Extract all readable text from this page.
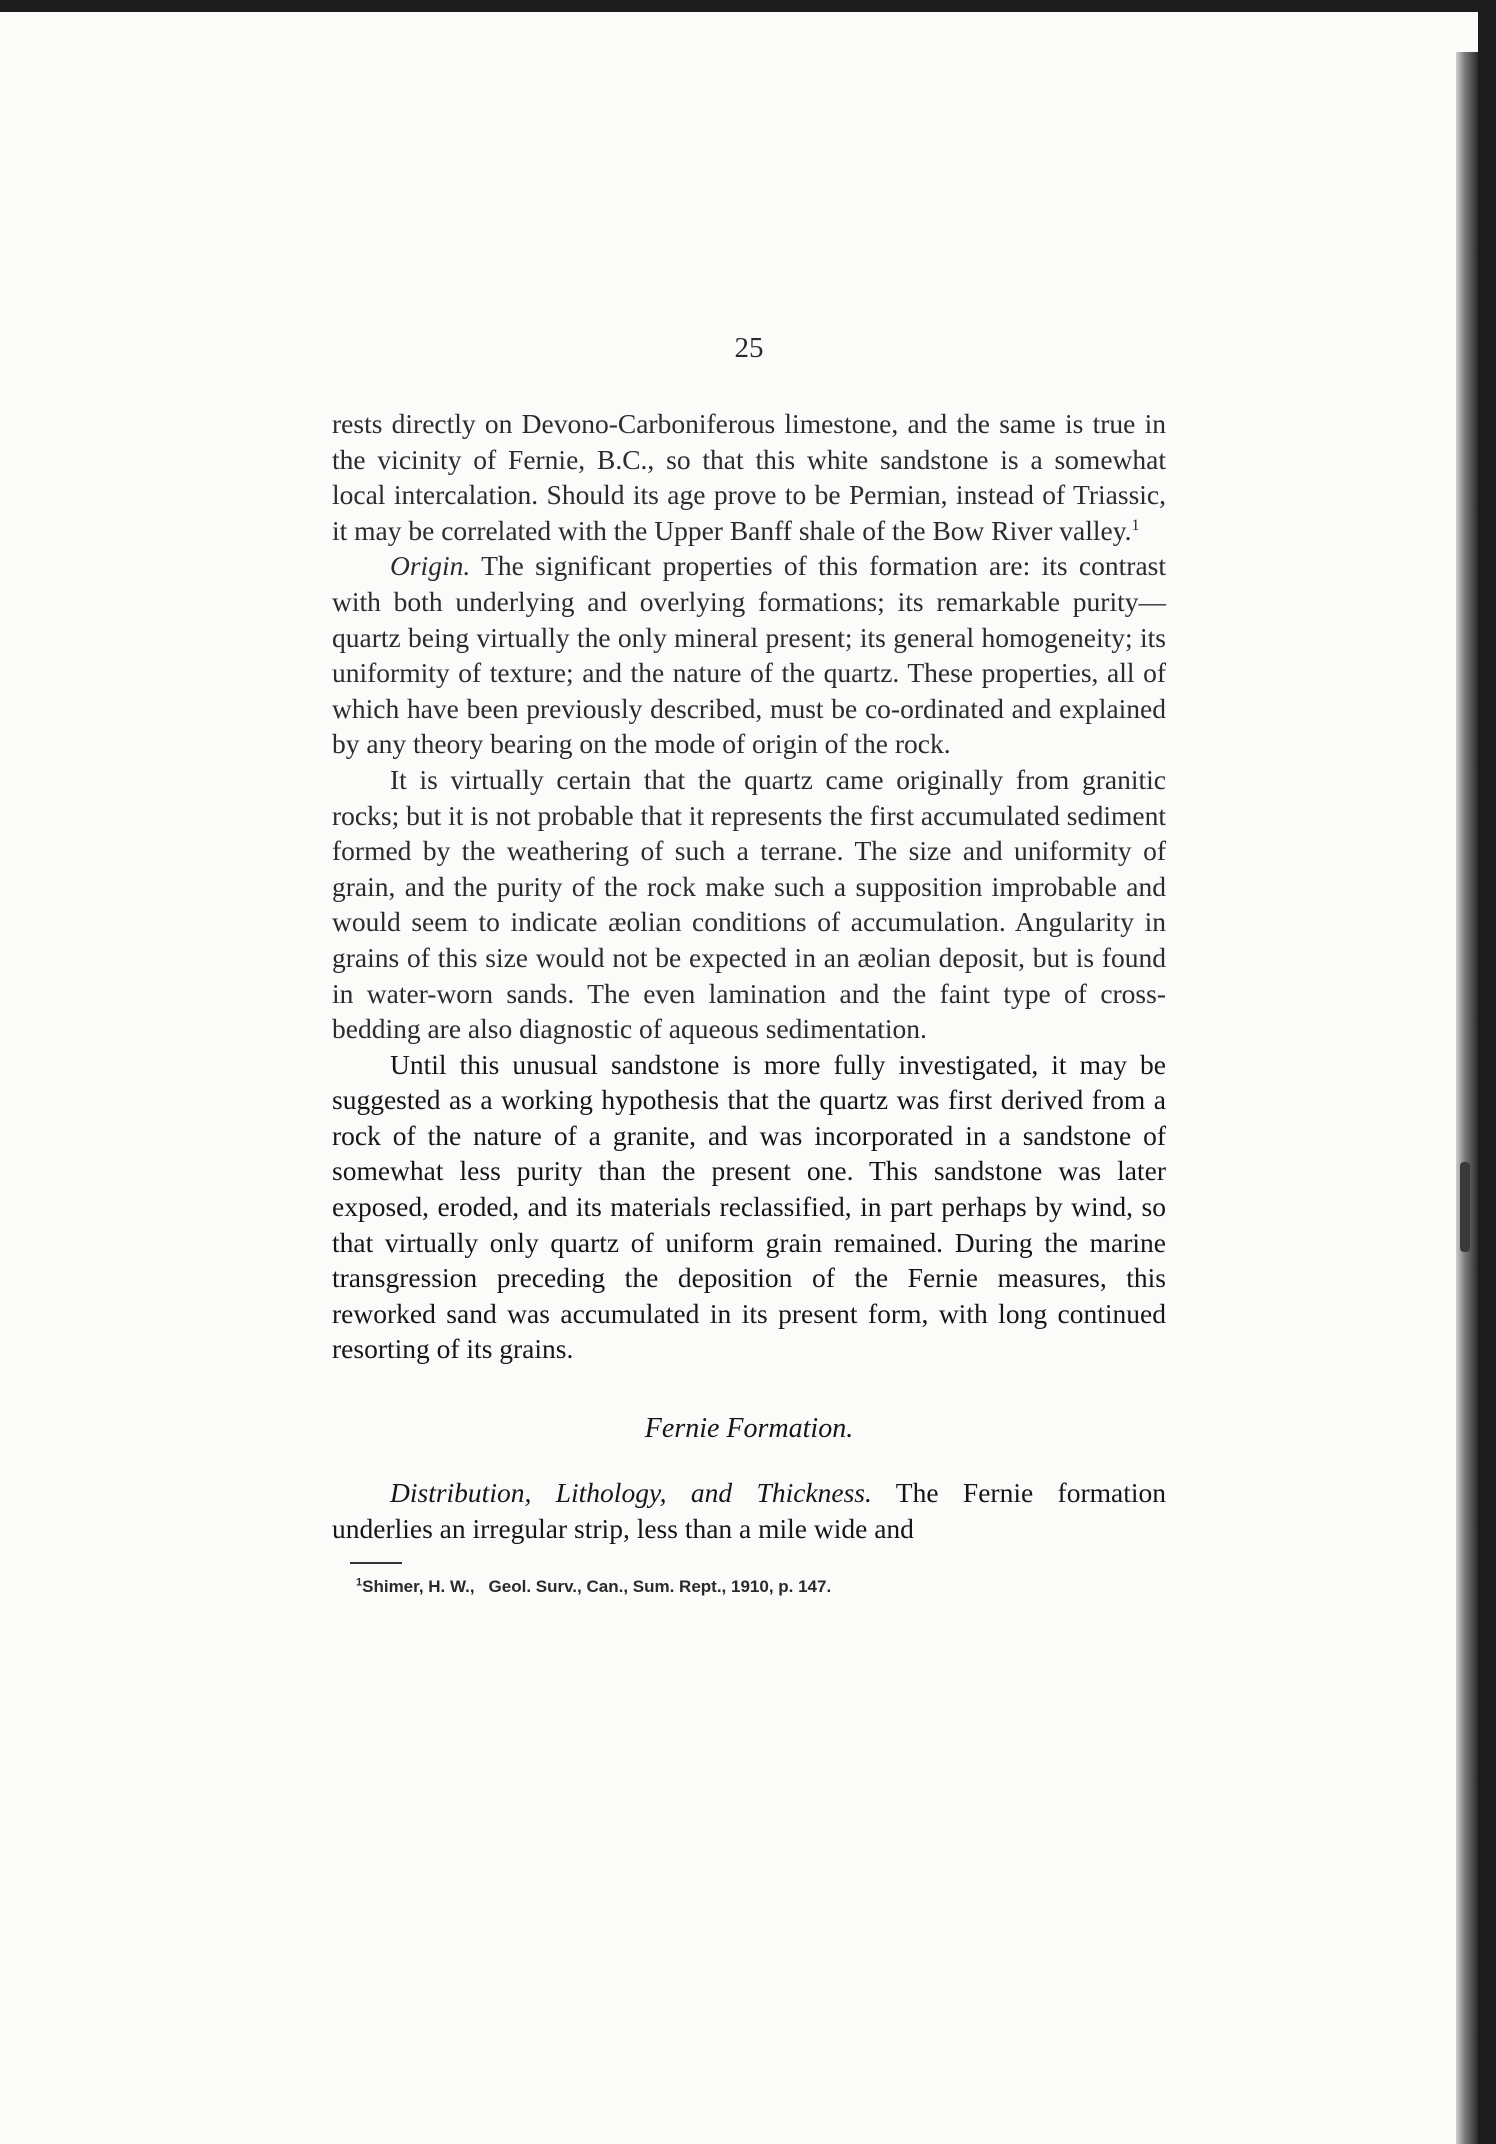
25

rests directly on Devono-Carboniferous limestone, and the same is true in the vicinity of Fernie, B.C., so that this white sandstone is a somewhat local intercalation. Should its age prove to be Permian, instead of Triassic, it may be correlated with the Upper Banff shale of the Bow River valley.$^1$

Origin. The significant properties of this formation are: its contrast with both underlying and overlying formations; its remarkable purity—quartz being virtually the only mineral present; its general homogeneity; its uniformity of texture; and the nature of the quartz. These properties, all of which have been previously described, must be co-ordinated and explained by any theory bearing on the mode of origin of the rock.

It is virtually certain that the quartz came originally from granitic rocks; but it is not probable that it represents the first accumulated sediment formed by the weathering of such a terrane. The size and uniformity of grain, and the purity of the rock make such a supposition improbable and would seem to indicate æolian conditions of accumulation. Angularity in grains of this size would not be expected in an æolian deposit, but is found in water-worn sands. The even lamination and the faint type of cross-bedding are also diagnostic of aqueous sedimentation.

Until this unusual sandstone is more fully investigated, it may be suggested as a working hypothesis that the quartz was first derived from a rock of the nature of a granite, and was incorporated in a sandstone of somewhat less purity than the present one. This sandstone was later exposed, eroded, and its materials reclassified, in part perhaps by wind, so that virtually only quartz of uniform grain remained. During the marine transgression preceding the deposition of the Fernie measures, this reworked sand was accumulated in its present form, with long continued resorting of its grains.

Fernie Formation.

Distribution, Lithology, and Thickness. The Fernie formation underlies an irregular strip, less than a mile wide and

$^1$Shimer, H. W., Geol. Surv., Can., Sum. Rept., 1910, p. 147.
